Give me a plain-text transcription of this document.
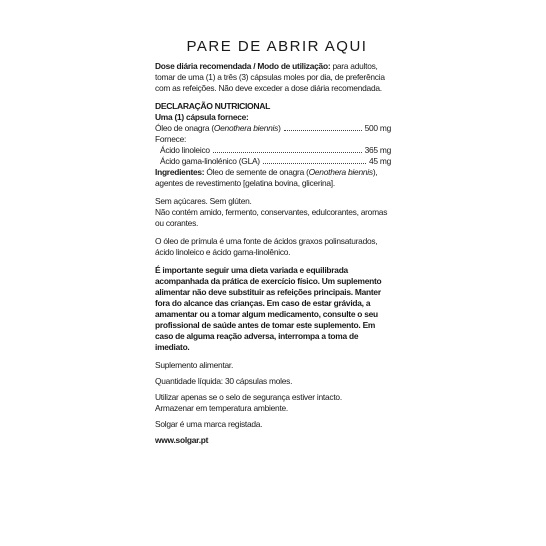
PARE DE ABRIR AQUI

Dose diária recomendada / Modo de utilização: para adultos, tomar de uma (1) a três (3) cápsulas moles por dia, de preferência com as refeições. Não deve exceder a dose diária recomendada.

DECLARAÇÃO NUTRICIONAL
Uma (1) cápsula fornece:
Óleo de onagra (Oenothera biennis)	500 mg
Fornece:
Ácido linoleico	365 mg
Ácido gama-linolénico (GLA)	45 mg

Ingredientes: Óleo de semente de onagra (Oenothera biennis), agentes de revestimento [gelatina bovina, glicerina].

Sem açúcares. Sem glúten.
Não contém amido, fermento, conservantes, edulcorantes, aromas ou corantes.

O óleo de prímula é uma fonte de ácidos graxos polinsaturados, ácido linoleico e ácido gama-linolênico.

É importante seguir uma dieta variada e equilibrada acompanhada da prática de exercício físico. Um suplemento alimentar não deve substituir as refeições principais. Manter fora do alcance das crianças. Em caso de estar grávida, a amamentar ou a tomar algum medicamento, consulte o seu profissional de saúde antes de tomar este suplemento. Em caso de alguma reação adversa, interrompa a toma de imediato.

Suplemento alimentar.
Quantidade líquida: 30 cápsulas moles.
Utilizar apenas se o selo de segurança estiver intacto.
Armazenar em temperatura ambiente.
Solgar é uma marca registada.
www.solgar.pt
